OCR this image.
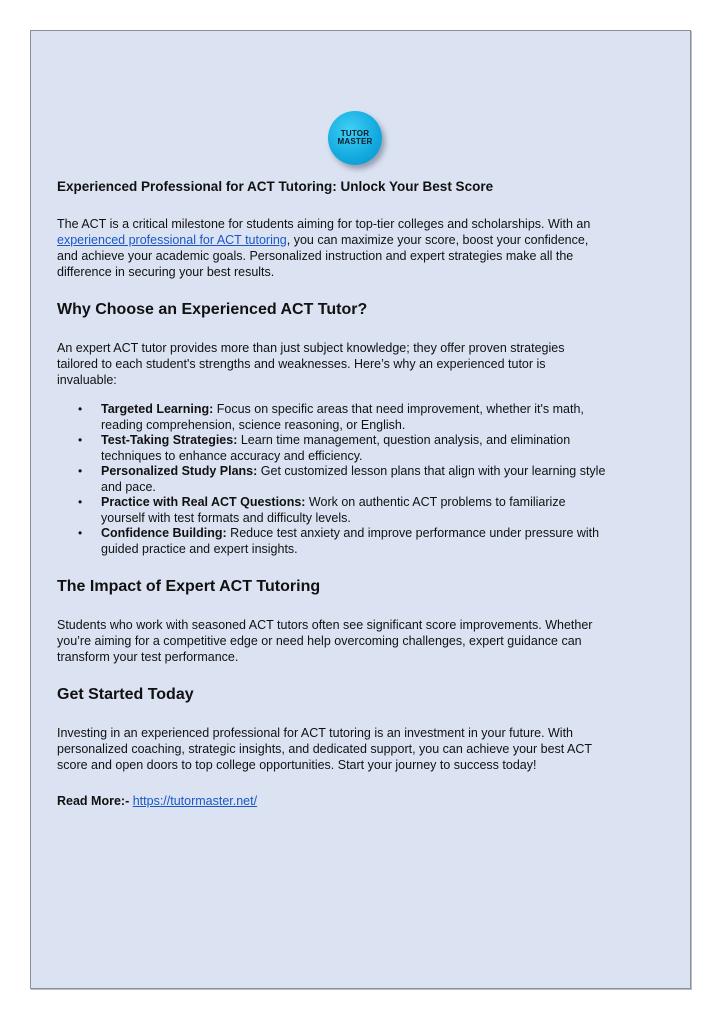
TUTOR
MASTER

Experienced Professional for ACT Tutoring: Unlock Your Best Score

The ACT is a critical milestone for students aiming for top-tier colleges and scholarships. With an experienced professional for ACT tutoring, you can maximize your score, boost your confidence, and achieve your academic goals. Personalized instruction and expert strategies make all the difference in securing your best results.

Why Choose an Experienced ACT Tutor?

An expert ACT tutor provides more than just subject knowledge; they offer proven strategies tailored to each student's strengths and weaknesses. Here’s why an experienced tutor is invaluable:

• Targeted Learning: Focus on specific areas that need improvement, whether it's math, reading comprehension, science reasoning, or English.
• Test-Taking Strategies: Learn time management, question analysis, and elimination techniques to enhance accuracy and efficiency.
• Personalized Study Plans: Get customized lesson plans that align with your learning style and pace.
• Practice with Real ACT Questions: Work on authentic ACT problems to familiarize yourself with test formats and difficulty levels.
• Confidence Building: Reduce test anxiety and improve performance under pressure with guided practice and expert insights.
The Impact of Expert ACT Tutoring

Students who work with seasoned ACT tutors often see significant score improvements. Whether you’re aiming for a competitive edge or need help overcoming challenges, expert guidance can transform your test performance.

Get Started Today

Investing in an experienced professional for ACT tutoring is an investment in your future. With personalized coaching, strategic insights, and dedicated support, you can achieve your best ACT score and open doors to top college opportunities. Start your journey to success today!

Read More:- https://tutormaster.net/
